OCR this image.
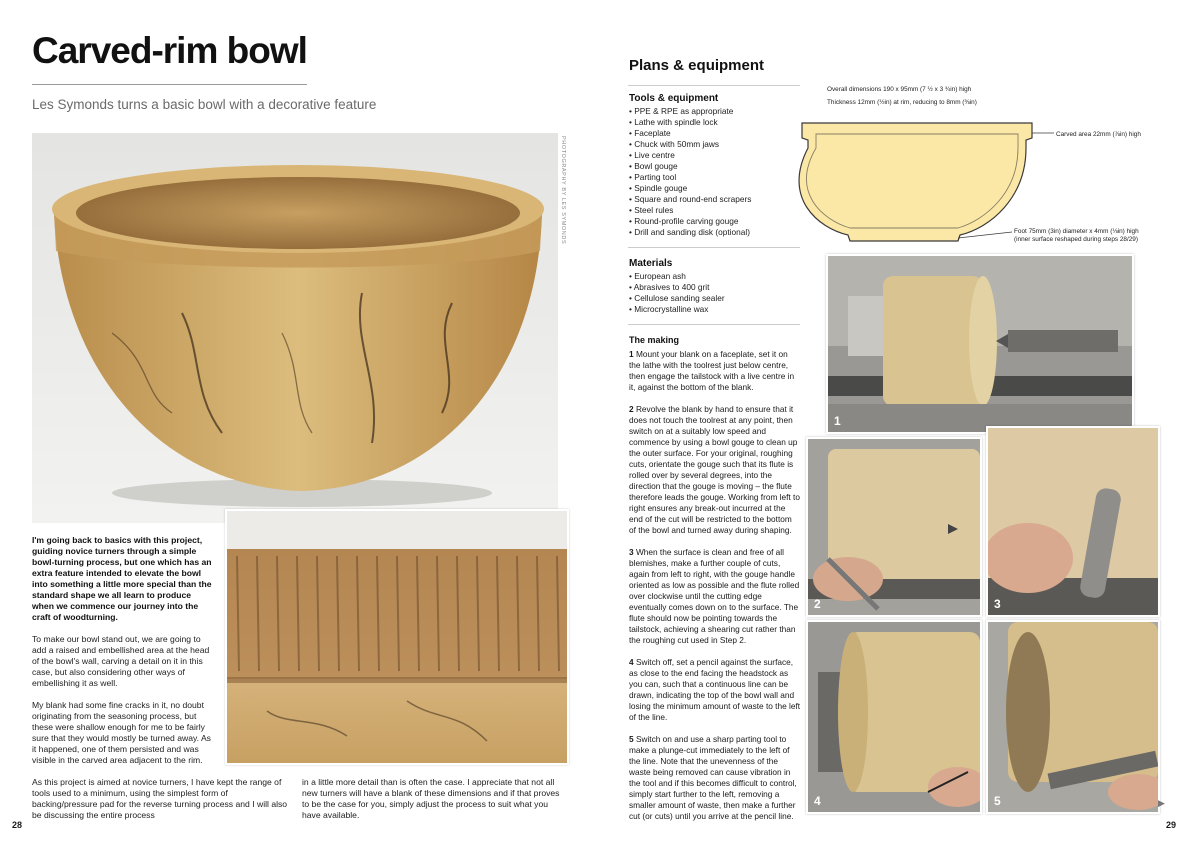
Carved-rim bowl
Les Symonds turns a basic bowl with a decorative feature
PHOTOGRAPHY BY LES SYMONDS
I'm going back to basics with this project, guiding novice turners through a simple bowl-turning process, but one which has an extra feature intended to elevate the bowl into something a little more special than the standard shape we all learn to produce when we commence our journey into the craft of woodturning.

To make our bowl stand out, we are going to add a raised and embellished area at the head of the bowl's wall, carving a detail on it in this case, but also considering other ways of embellishing it as well.

My blank had some fine cracks in it, no doubt originating from the seasoning process, but these were shallow enough for me to be fairly sure that they would mostly be turned away. As it happened, one of them persisted and was visible in the carved area adjacent to the rim.

As this project is aimed at novice turners, I have kept the range of tools used to a minimum, using the simplest form of backing/pressure pad for the reverse turning process and I will also be discussing the entire process
in a little more detail than is often the case. I appreciate that not all new turners will have a blank of these dimensions and if that proves to be the case for you, simply adjust the process to suit what you have available.
28
Plans & equipment
Tools & equipment
• PPE & RPE as appropriate
• Lathe with spindle lock
• Faceplate
• Chuck with 50mm jaws
• Live centre
• Bowl gouge
• Parting tool
• Spindle gouge
• Square and round-end scrapers
• Steel rules
• Round-profile carving gouge
• Drill and sanding disk (optional)
Materials
• European ash
• Abrasives to 400 grit
• Cellulose sanding sealer
• Microcrystalline wax
The making

1 Mount your blank on a faceplate, set it on the lathe with the toolrest just below centre, then engage the tailstock with a live centre in it, against the bottom of the blank.

2 Revolve the blank by hand to ensure that it does not touch the toolrest at any point, then switch on at a suitably low speed and commence by using a bowl gouge to clean up the outer surface. For your original, roughing cuts, orientate the gouge such that its flute is rolled over by several degrees, into the direction that the gouge is moving – the flute therefore leads the gouge. Working from left to right ensures any break-out incurred at the end of the cut will be restricted to the bottom of the bowl and turned away during shaping.

3 When the surface is clean and free of all blemishes, make a further couple of cuts, again from left to right, with the gouge handle oriented as low as possible and the flute rolled over clockwise until the cutting edge eventually comes down on to the surface. The flute should now be pointing towards the tailstock, achieving a shearing cut rather than the roughing cut used in Step 2.

4 Switch off, set a pencil against the surface, as close to the end facing the headstock as you can, such that a continuous line can be drawn, indicating the top of the bowl wall and losing the minimum amount of waste to the left of the line.

5 Switch on and use a sharp parting tool to make a plunge-cut immediately to the left of the line. Note that the unevenness of the waste being removed can cause vibration in the tool and if this becomes difficult to control, simply start further to the left, removing a smaller amount of waste, then make a further cut (or cuts) until you arrive at the pencil line.

Overall dimensions 190 x 95mm (7 ½ x 3 ¾in) high
Thickness 12mm (½in) at rim, reducing to 8mm (⅜in)
Carved area 22mm (⅞in) high
Foot 75mm (3in) diameter x 4mm (⅛in) high
(inner surface reshaped during steps 28/29)
1
2	3
4	5	▶
29
